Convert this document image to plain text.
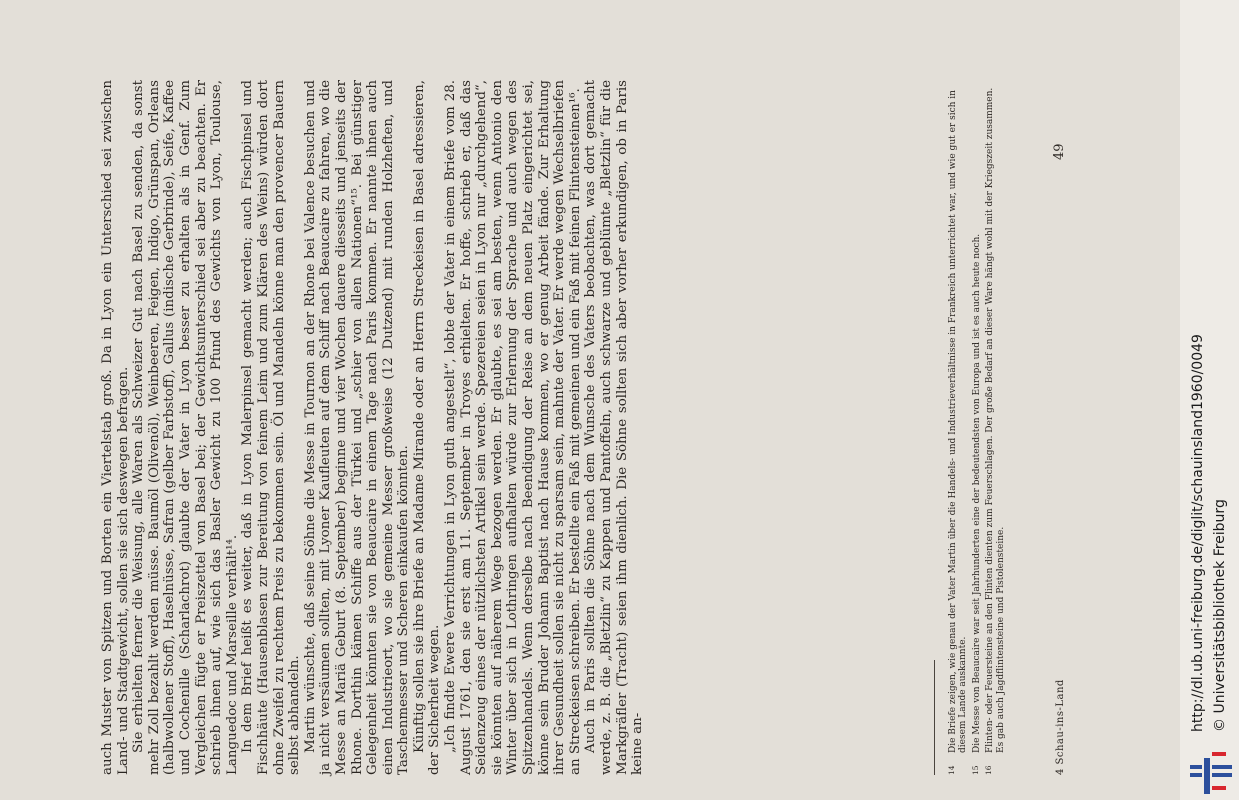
auch Muster von Spitzen und Borten ein Viertelstab groß. Da in Lyon ein Unterschied sei zwischen Land- und Stadtgewicht, sollen sie sich deswegen befragen. Sie erhielten ferner die Weisung, alle Waren als Schweizer Gut nach Basel zu senden, da sonst mehr Zoll bezahlt werden müsse. Baumöl (Olivenöl), Weinbeeren, Feigen, Indigo, Grünspan, Orleans (halbwollener Stoff), Haselnüsse, Safran (gelber Farbstoff), Gallus (indische Gerbrinde), Seife, Kaffee und Cochenille (Scharlachrot) glaubte der Vater in Lyon besser zu erhalten als in Genf. Zum Vergleichen fügte er Preiszettel von Basel bei; der Gewichtsunterschied sei aber zu beachten. Er schrieb ihnen auf, wie sich das Basler Gewicht zu 100 Pfund des Gewichts von Lyon, Toulouse, Languedoc und Marseille verhält¹⁴. In dem Brief heißt es weiter, daß in Lyon Malerpinsel gemacht werden; auch Fischpinsel und Fischhäute (Hausenblasen zur Bereitung von feinem Leim und zum Klären des Weins) würden dort ohne Zweifel zu rechtem Preis zu bekommen sein. Öl und Mandeln könne man den provencer Bauern selbst abhandeln. Martin wünschte, daß seine Söhne die Messe in Tournon an der Rhone bei Valence besuchen und ja nicht versäumen sollten, mit Lyoner Kaufleuten auf dem Schiff nach Beaucaire zu fahren, wo die Messe an Mariä Geburt (8. September) beginne und vier Wochen dauere diesseits und jenseits der Rhone. Dorthin kämen Schiffe aus der Türkei und „schier von allen Nationen“¹⁵. Bei günstiger Gelegenheit könnten sie von Beaucaire in einem Tage nach Paris kommen. Er nannte ihnen auch einen Industrieort, wo sie gemeine Messer großweise (12 Dutzend) mit runden Holzheften, und Taschenmesser und Scheren einkaufen könnten. Künftig sollen sie ihre Briefe an Madame Mirande oder an Herrn Streckeisen in Basel adressieren, der Sicherheit wegen. „Ich findte Ewere Verrichtungen in Lyon guth angestelt“, lobte der Vater in einem Briefe vom 28. August 1761, den sie erst am 11. September in Troyes erhielten. Er hoffe, schrieb er, daß das Seidenzeug eines der nützlichsten Artikel sein werde. Spezereien seien in Lyon nur „durchgehend“, sie könnten auf näherem Wege bezogen werden. Er glaubte, es sei am besten, wenn Antonio den Winter über sich in Lothringen aufhalten würde zur Erlernung der Sprache und auch wegen des Spitzenhandels. Wenn derselbe nach Beendigung der Reise an dem neuen Platz eingerichtet sei, könne sein Bruder Johann Baptist nach Hause kommen, wo er genug Arbeit fände. Zur Erhaltung ihrer Gesundheit sollen sie nicht zu sparsam sein, mahnte der Vater. Er werde wegen Wechselbriefen an Streckeisen schreiben. Er bestellte ein Faß mit gemeinen und ein Faß mit feinen Flintensteinen¹⁶. Auch in Paris sollten die Söhne nach dem Wunsche des Vaters beobachten, was dort gemacht werde, z. B. die „Bletzlin“ zu Kappen und Pantoffeln, auch schwarze und geblümte „Bletzlin“ für die Markgräfler (Tracht) seien ihm dienlich. Die Söhne sollten sich aber vorher erkundigen, ob in Paris keine an-	14Die Briefe zeigen, wie genau der Vater Martin über die Handels- und Industrieverhältnisse in Frankreich unterrichtet war, und wie gut er sich in diesem Lande auskannte.

15Die Messe von Beaucaire war seit Jahrhunderten eine der bedeutendsten von Europa und ist es auch heute noch.

16Flinten- oder Feuersteine an den Flinten dienten zum Feuerschlagen. Der große Bedarf an dieser Ware hängt wohl mit der Kriegszeit zusammen. Es gab auch Jagdflintensteine und Pistolensteine.	4 Schau-ins-Land
49
http://dl.ub.uni-freiburg.de/diglit/schauinsland1960/0049 © Universitätsbibliothek Freiburg
